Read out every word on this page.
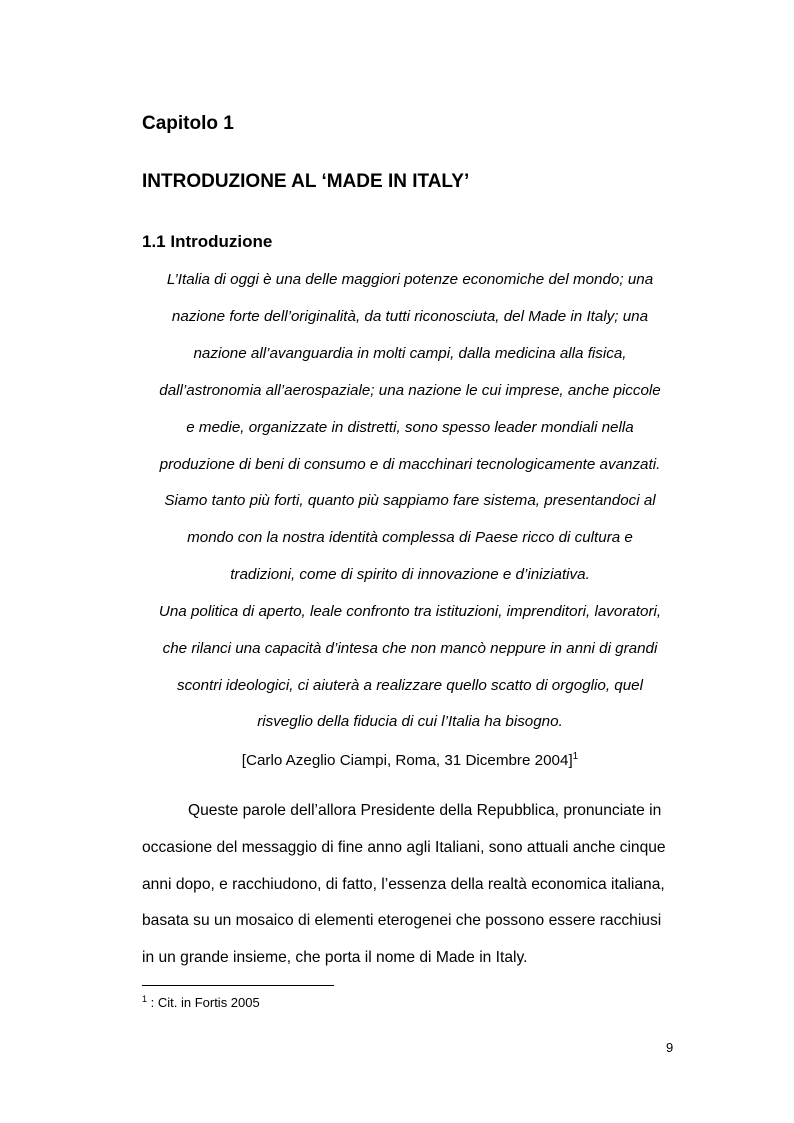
Capitolo 1
INTRODUZIONE AL ‘MADE IN ITALY’
1.1 Introduzione
L’Italia di oggi è una delle maggiori potenze economiche del mondo; una
nazione forte dell’originalità, da tutti riconosciuta, del Made in Italy; una
nazione all’avanguardia in molti campi, dalla medicina alla fisica,
dall’astronomia all’aerospaziale; una nazione le cui imprese, anche piccole
e medie, organizzate in distretti, sono spesso leader mondiali nella
produzione di beni di consumo e di macchinari tecnologicamente avanzati.
Siamo tanto più forti, quanto più sappiamo fare sistema, presentandoci al
mondo con la nostra identità complessa di Paese ricco di cultura e
tradizioni, come di spirito di innovazione e d’iniziativa.
Una politica di aperto, leale confronto tra istituzioni, imprenditori, lavoratori,
che rilanci una capacità d’intesa che non mancò neppure in anni di grandi
scontri ideologici, ci aiuterà a realizzare quello scatto di orgoglio, quel
risveglio della fiducia di cui l’Italia ha bisogno.
[Carlo Azeglio Ciampi, Roma, 31 Dicembre 2004]$^1$
Queste parole dell’allora Presidente della Repubblica, pronunciate in
occasione del messaggio di fine anno agli Italiani, sono attuali anche cinque
anni dopo, e racchiudono, di fatto, l’essenza della realtà economica italiana,
basata su un mosaico di elementi eterogenei che possono essere racchiusi
in un grande insieme, che porta il nome di Made in Italy.
$^1$ : Cit. in Fortis 2005
9
